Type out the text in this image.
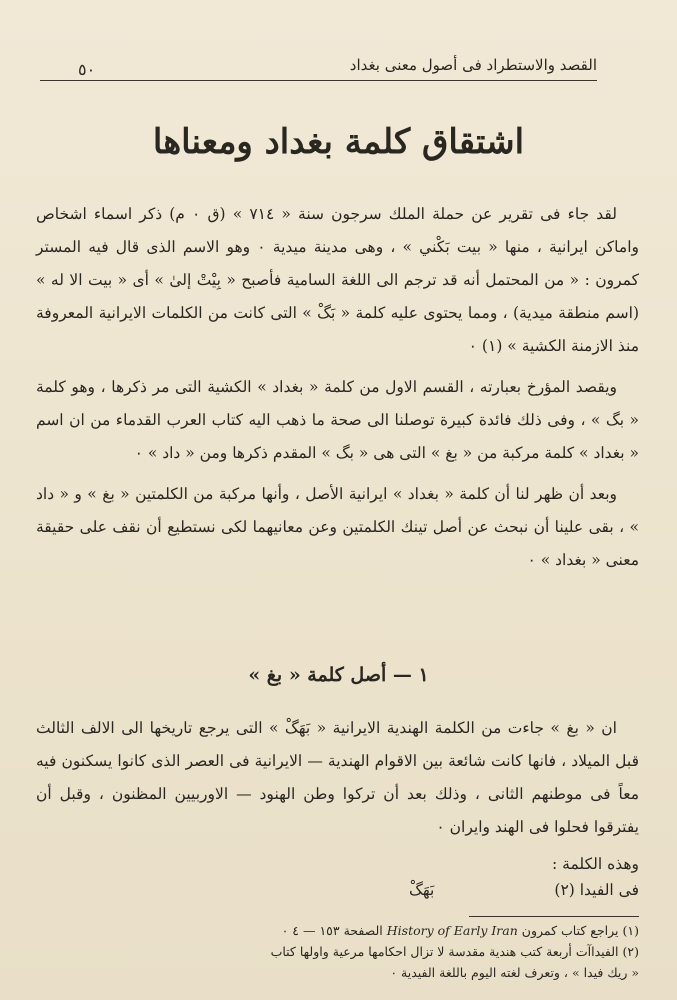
القصد والاستطراد فى أصول معنى بغداد
٥٠
اشتقاق كلمة بغداد ومعناها

لقد جاء فى تقرير عن حملة الملك سرجون سنة « ٧١٤ » (ق ٠ م) ذكر اسماء اشخاص واماكن ايرانية ، منها « بيت بَكْني » ، وهى مدينة ميدية ٠ وهو الاسم الذى قال فيه المستر كمرون : « من المحتمل أنه قد ترجم الى اللغة السامية فأصبح « بِيْتْ إلىٰ » أى « بيت الا له » (اسم منطقة ميدية) ، ومما يحتوى عليه كلمة « بَگْ » التى كانت من الكلمات الايرانية المعروفة منذ الازمنة الكشية » (١) ٠

ويقصد المؤرخ بعبارته ، القسم الاول من كلمة « بغداد » الكشية التى مر ذكرها ، وهو كلمة « بگ » ، وفى ذلك فائدة كبيرة توصلنا الى صحة ما ذهب اليه كتاب العرب القدماء من ان اسم « بغداد » كلمة مركبة من « بغ » التى هى « بگ » المقدم ذكرها ومن « داد » ٠

وبعد أن ظهر لنا أن كلمة « بغداد » ايرانية الأصل ، وأنها مركبة من الكلمتين « بغ » و « داد » ، بقى علينا أن نبحث عن أصل تينك الكلمتين وعن معانيهما لكى نستطيع أن نقف على حقيقة معنى « بغداد » ٠

١ — أصل كلمة « بغ »

ان « بغ » جاءت من الكلمة الهندية الايرانية « بَهَگْ » التى يرجع تاريخها الى الالف الثالث قبل الميلاد ، فانها كانت شائعة بين الاقوام الهندية — الايرانية فى العصر الذى كانوا يسكنون فيه معاً فى موطنهم الثانى ، وذلك بعد أن تركوا وطن الهنود — الاوربيين المظنون ، وقبل أن يفترقوا فحلوا فى الهند وايران ٠

وهذه الكلمة :
فى الفيدا (٢)
بَهَگْ

(١) يراجع كتاب كمرون History of Early Iran الصفحة ١٥٣ — ٤ ٠

(٢) الفيداآت أربعة كتب هندية مقدسة لا تزال احكامها مرعية واولها كتاب

« ريك فيدا » ، وتعرف لغته اليوم باللغة الفيدية ٠
